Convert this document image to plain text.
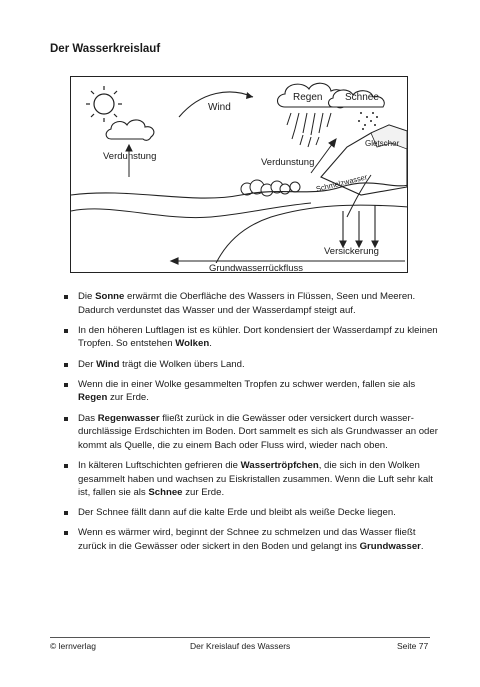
Der Wasserkreislauf
Wind
Regen Schnee
Verdunstung
Verdunstung
Gletscher
Schmelzwasser
Versickerung
Grundwasserrückfluss
Die Sonne erwärmt die Oberfläche des Wassers in Flüssen, Seen und Meeren. Dadurch verdunstet das Wasser und der Wasserdampf steigt auf.
In den höheren Luftlagen ist es kühler. Dort kondensiert der Wasserdampf zu kleinen Tropfen. So entstehen Wolken.
Der Wind trägt die Wolken übers Land.
Wenn die in einer Wolke gesammelten Tropfen zu schwer werden, fallen sie als Regen zur Erde.
Das Regenwasser fließt zurück in die Gewässer oder versickert durch wasser-durchlässige Erdschichten im Boden. Dort sammelt es sich als Grundwasser an oder kommt als Quelle, die zu einem Bach oder Fluss wird, wieder nach oben.
In kälteren Luftschichten gefrieren die Wassertröpfchen, die sich in den Wolken gesammelt haben und wachsen zu Eiskristallen zusammen. Wenn die Luft sehr kalt ist, fallen sie als Schnee zur Erde.
Der Schnee fällt dann auf die kalte Erde und bleibt als weiße Decke liegen.
Wenn es wärmer wird, beginnt der Schnee zu schmelzen und das Wasser fließt zurück in die Gewässer oder sickert in den Boden und gelangt ins Grundwasser.
© lernverlag	Der Kreislauf des Wassers	Seite 77
